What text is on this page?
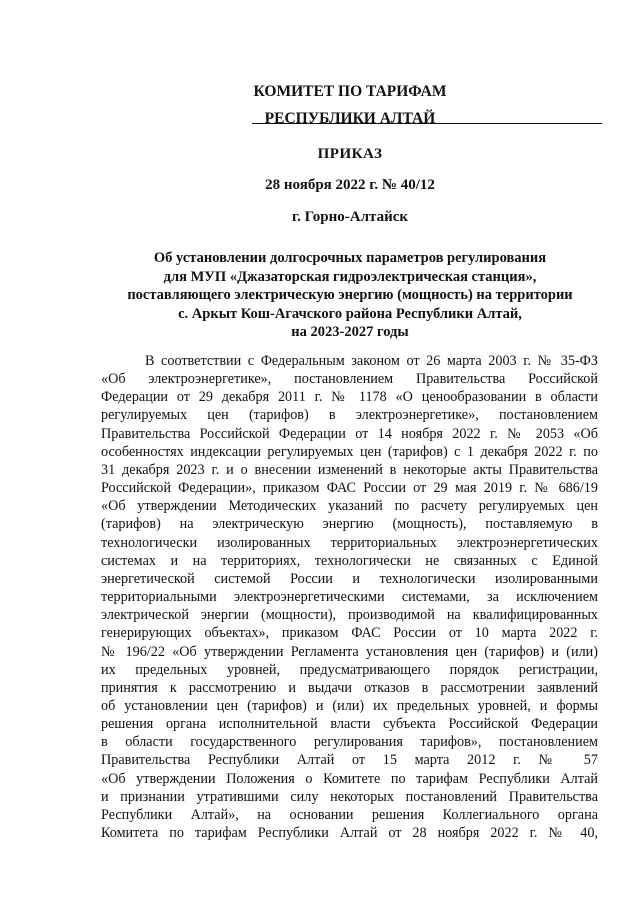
КОМИТЕТ ПО ТАРИФАМ
РЕСПУБЛИКИ АЛТАЙ
ПРИКАЗ
28 ноября 2022 г. № 40/12
г. Горно-Алтайск
Об установлении долгосрочных параметров регулирования
для МУП «Джазаторская гидроэлектрическая станция»,
поставляющего электрическую энергию (мощность) на территории
с. Аркыт Кош-Агачского района Республики Алтай,
на 2023-2027 годы
В соответствии с Федеральным законом от 26 марта 2003 г. № 35-ФЗ
«Об электроэнергетике», постановлением Правительства Российской
Федерации от 29 декабря 2011 г. № 1178 «О ценообразовании в области
регулируемых цен (тарифов) в электроэнергетике», постановлением
Правительства Российской Федерации от 14 ноября 2022 г. № 2053 «Об
особенностях индексации регулируемых цен (тарифов) с 1 декабря 2022 г. по
31 декабря 2023 г. и о внесении изменений в некоторые акты Правительства
Российской Федерации», приказом ФАС России от 29 мая 2019 г. № 686/19
«Об утверждении Методических указаний по расчету регулируемых цен
(тарифов) на электрическую энергию (мощность), поставляемую в
технологически изолированных территориальных электроэнергетических
системах и на территориях, технологически не связанных с Единой
энергетической системой России и технологически изолированными
территориальными электроэнергетическими системами, за исключением
электрической энергии (мощности), производимой на квалифицированных
генерирующих объектах», приказом ФАС России от 10 марта 2022 г.
№ 196/22 «Об утверждении Регламента установления цен (тарифов) и (или)
их предельных уровней, предусматривающего порядок регистрации,
принятия к рассмотрению и выдачи отказов в рассмотрении заявлений
об установлении цен (тарифов) и (или) их предельных уровней, и формы
решения органа исполнительной власти субъекта Российской Федерации
в области государственного регулирования тарифов», постановлением
Правительства Республики Алтай от 15 марта 2012 г. № 57
«Об утверждении Положения о Комитете по тарифам Республики Алтай
и признании утратившими силу некоторых постановлений Правительства
Республики Алтай», на основании решения Коллегиального органа
Комитета по тарифам Республики Алтай от 28 ноября 2022 г. № 40,
